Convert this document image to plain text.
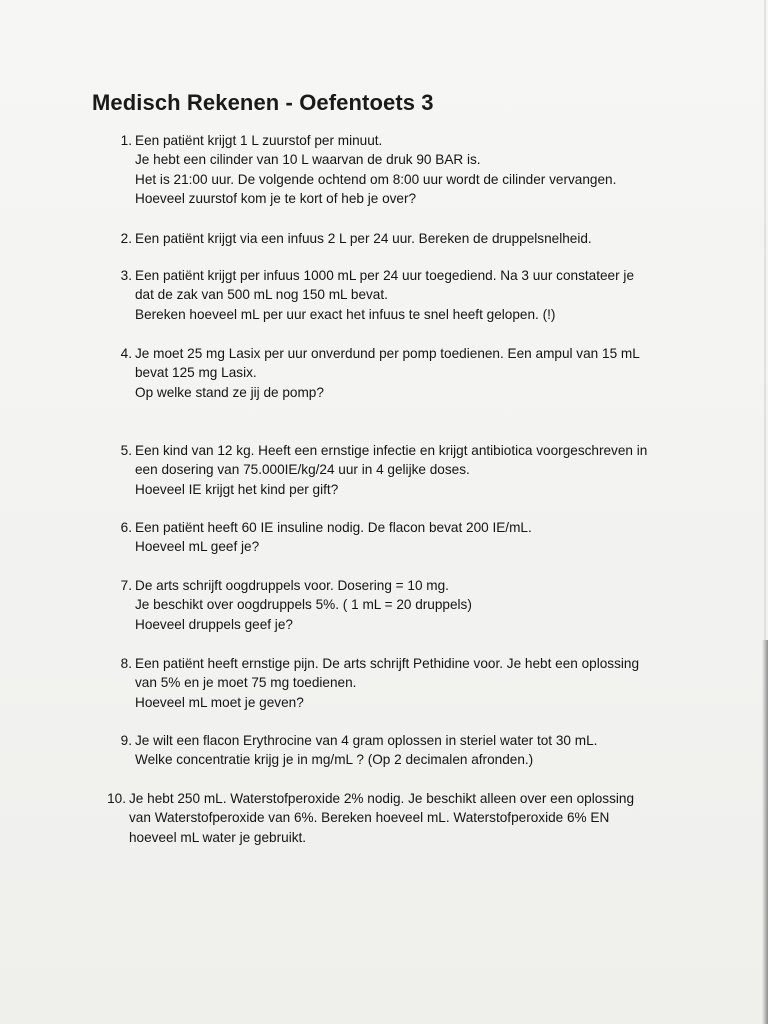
Medisch Rekenen - Oefentoets 3
1. Een patiënt krijgt 1 L zuurstof per minuut.
Je hebt een cilinder van 10 L waarvan de druk 90 BAR is.
Het is 21:00 uur. De volgende ochtend om 8:00 uur wordt de cilinder vervangen.
Hoeveel zuurstof kom je te kort of heb je over?
2. Een patiënt krijgt via een infuus 2 L per 24 uur. Bereken de druppelsnelheid.
3. Een patiënt krijgt per infuus 1000 mL per 24 uur toegediend. Na 3 uur constateer je
dat de zak van 500 mL nog 150 mL bevat.
Bereken hoeveel mL per uur exact het infuus te snel heeft gelopen. (!)
4. Je moet 25 mg Lasix per uur onverdund per pomp toedienen. Een ampul van 15 mL
bevat 125 mg Lasix.
Op welke stand ze jij de pomp?
5. Een kind van 12 kg. Heeft een ernstige infectie en krijgt antibiotica voorgeschreven in
een dosering van 75.000IE/kg/24 uur in 4 gelijke doses.
Hoeveel IE krijgt het kind per gift?
6. Een patiënt heeft 60 IE insuline nodig. De flacon bevat 200 IE/mL.
Hoeveel mL geef je?
7. De arts schrijft oogdruppels voor. Dosering = 10 mg.
Je beschikt over oogdruppels 5%. ( 1 mL = 20 druppels)
Hoeveel druppels geef je?
8. Een patiënt heeft ernstige pijn. De arts schrijft Pethidine voor. Je hebt een oplossing
van 5% en je moet 75 mg toedienen.
Hoeveel mL moet je geven?
9. Je wilt een flacon Erythrocine van 4 gram oplossen in steriel water tot 30 mL.
Welke concentratie krijg je in mg/mL ? (Op 2 decimalen afronden.)
10. Je hebt 250 mL. Waterstofperoxide 2% nodig. Je beschikt alleen over een oplossing
van Waterstofperoxide van 6%. Bereken hoeveel mL. Waterstofperoxide 6% EN
hoeveel mL water je gebruikt.
